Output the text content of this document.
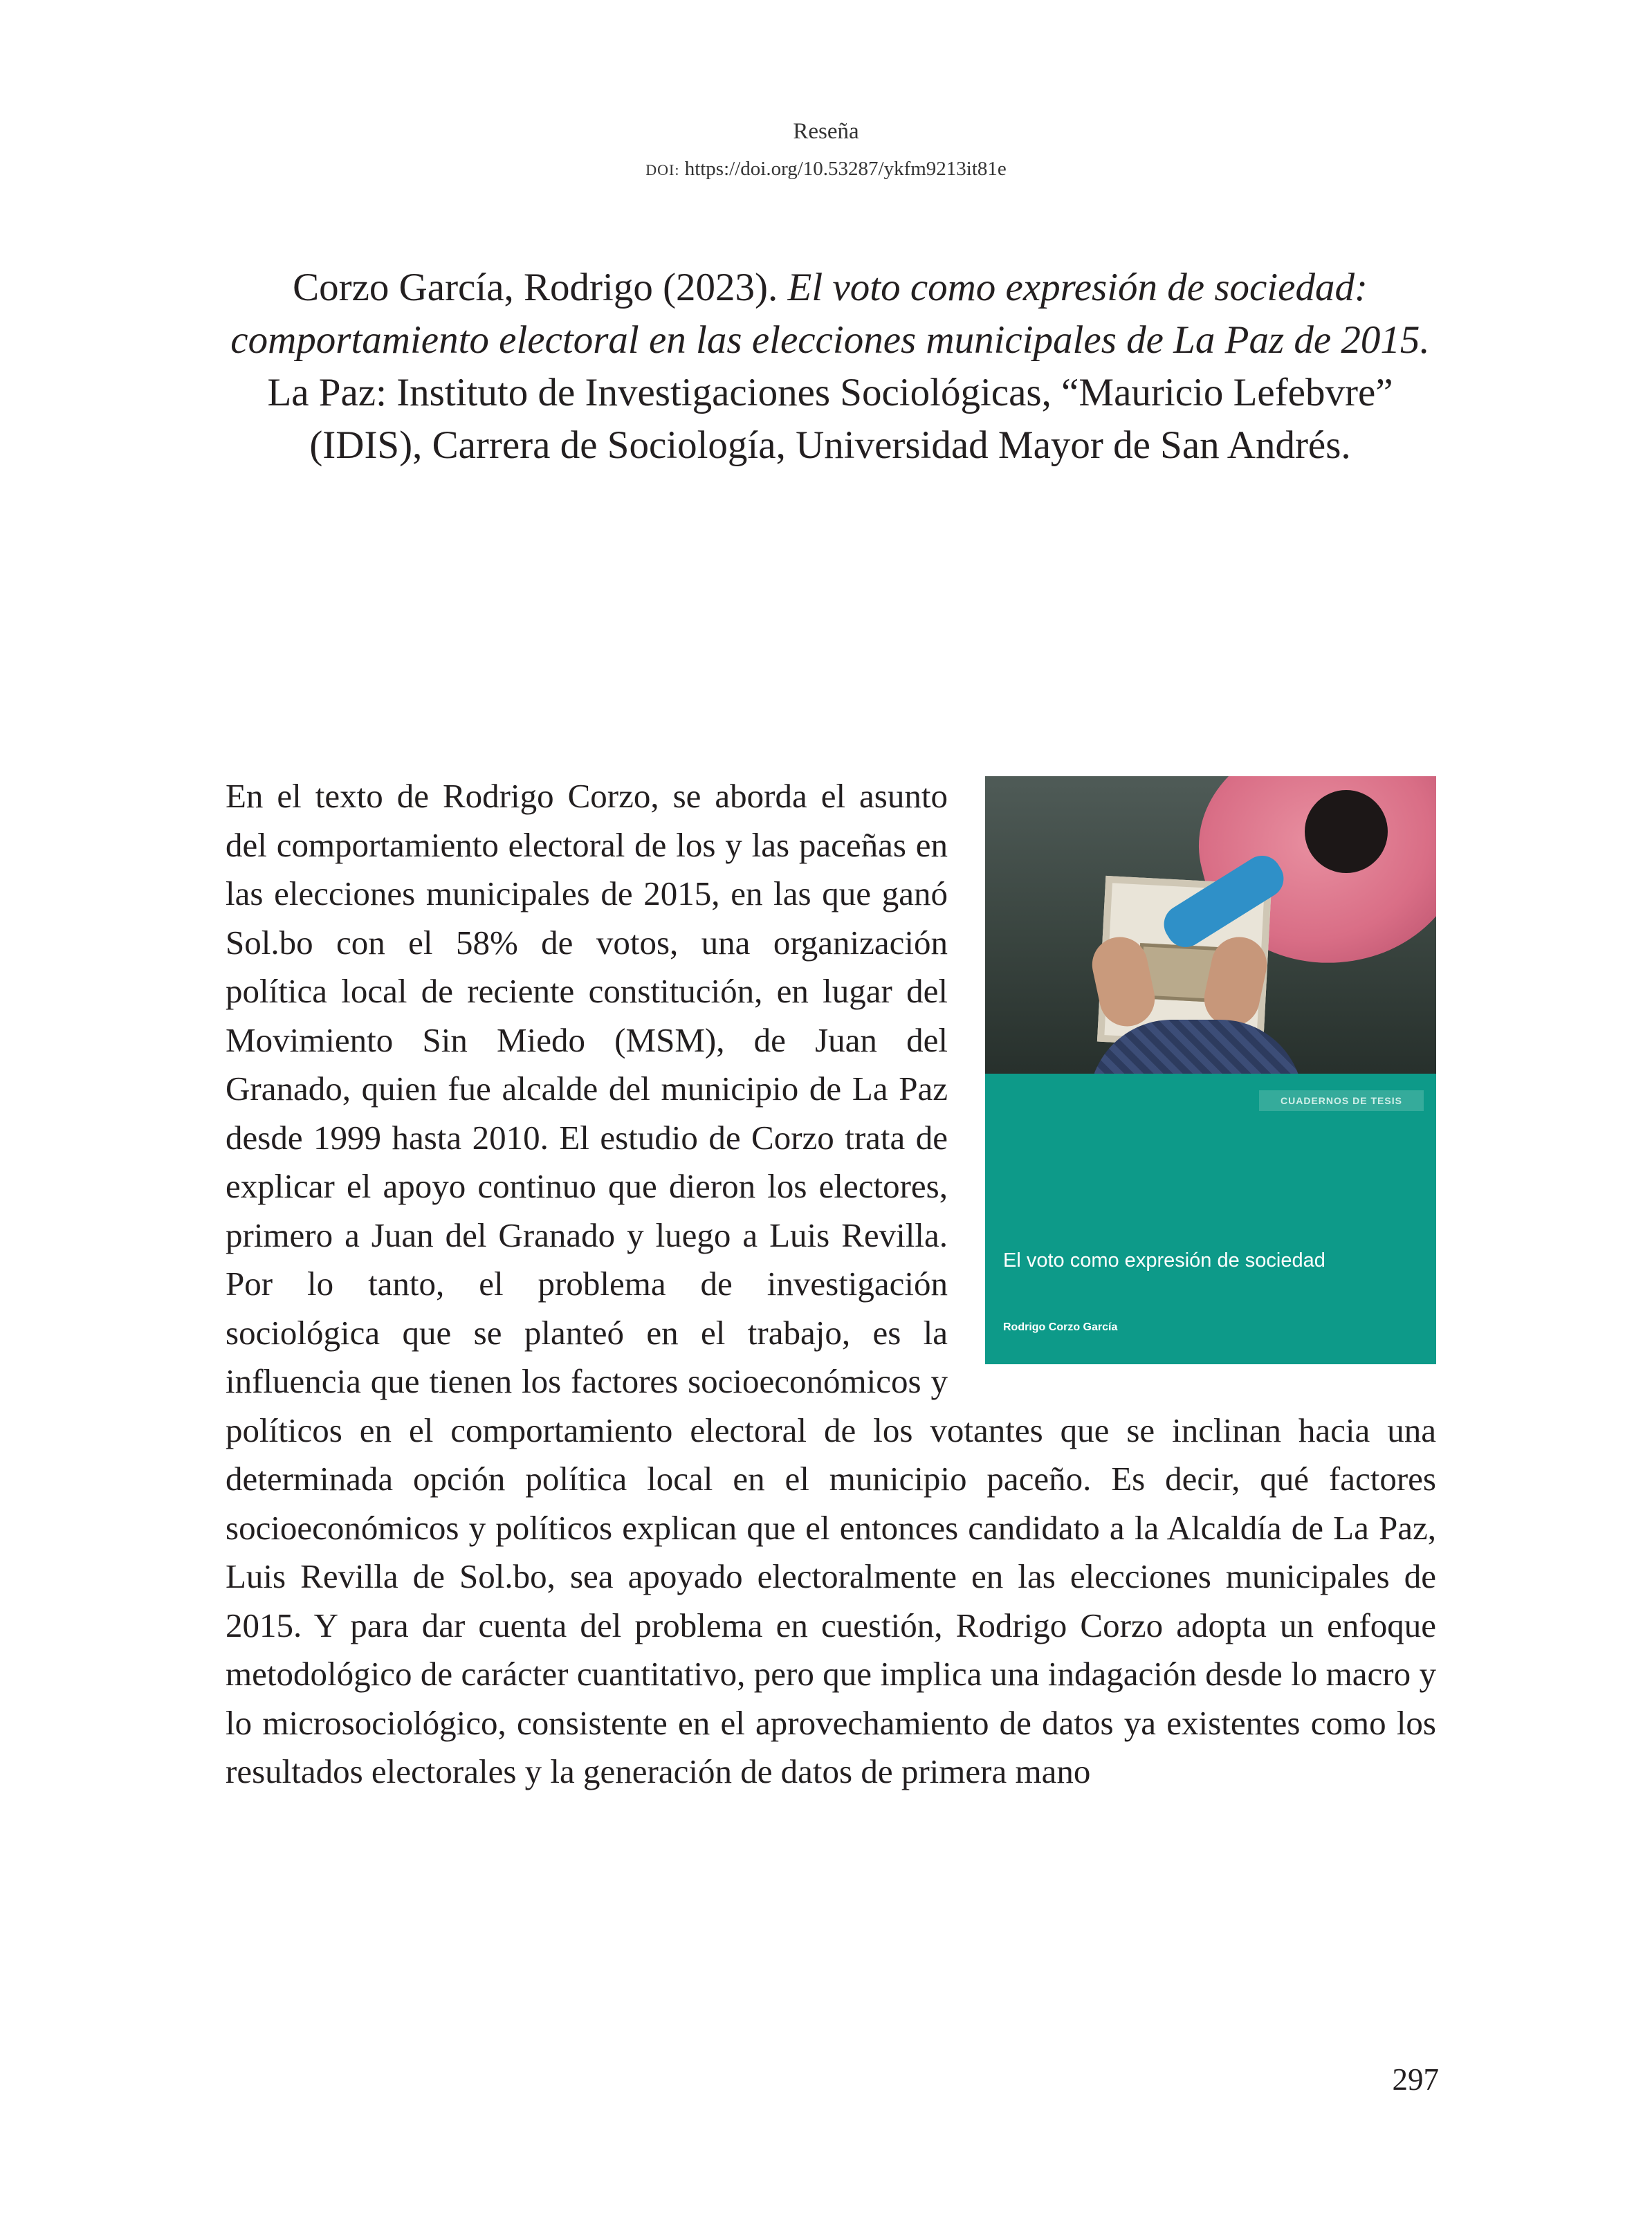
Reseña
DOI: https://doi.org/10.53287/ykfm9213it81e
Corzo García, Rodrigo (2023). El voto como expresión de sociedad: comportamiento electoral en las elecciones municipales de La Paz de 2015. La Paz: Instituto de Investigaciones Sociológicas, “Mauricio Lefebvre” (IDIS), Carrera de Sociología, Universidad Mayor de San Andrés.
CUADERNOS DE TESIS
El voto como expresión de sociedad
Rodrigo Corzo García
En el texto de Rodrigo Corzo, se aborda el asunto del comportamiento electoral de los y las paceñas en las elecciones municipales de 2015, en las que ganó Sol.bo con el 58% de votos, una organización política local de reciente constitución, en lugar del Movimiento Sin Miedo (MSM), de Juan del Granado, quien fue alcalde del municipio de La Paz desde 1999 hasta 2010. El estudio de Corzo trata de explicar el apoyo continuo que dieron los electores, primero a Juan del Granado y luego a Luis Revilla. Por lo tanto, el problema de investigación sociológica que se planteó en el trabajo, es la influencia que tienen los factores socioeconómicos y políticos en el comportamiento electoral de los votantes que se inclinan hacia una determinada opción política local en el municipio paceño. Es decir, qué factores socioeconómicos y políticos explican que el entonces candidato a la Alcaldía de La Paz, Luis Revilla de Sol.bo, sea apoyado electoralmente en las elecciones municipales de 2015. Y para dar cuenta del problema en cuestión, Rodrigo Corzo adopta un enfoque metodológico de carácter cuantitativo, pero que implica una indagación desde lo macro y lo microsociológico, consistente en el aprovechamiento de datos ya existentes como los resultados electorales y la generación de datos de primera mano
297
